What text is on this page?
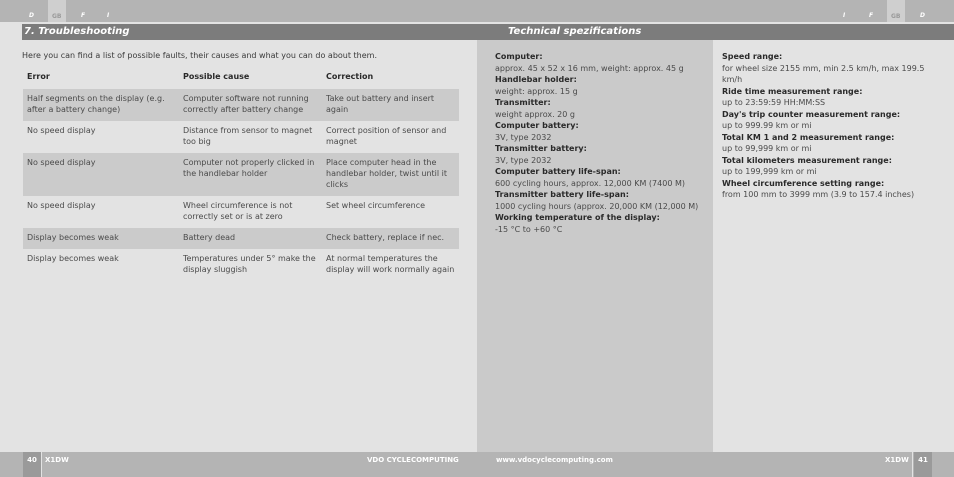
D	GB	F	I
7. Troubleshooting
Here you can find a list of possible faults, their causes and what you can do about them.
Error	Possible cause	Correction
Half segments on the display (e.g. after a battery change)	Computer software not running correctly after battery change	Take out battery and insert again
No speed display	Distance from sensor to magnet too big	Correct position of sensor and magnet
No speed display	Computer not properly clicked in the handlebar holder	Place computer head in the handlebar holder, twist until it clicks
No speed display	Wheel circumference is not correctly set or is at zero	Set wheel circumference
Display becomes weak	Battery dead	Check battery, replace if nec.
Display becomes weak	Temperatures under 5° make the display sluggish	At normal temperatures the display will work normally again
40	X1DW	VDO CYCLECOMPUTING
I	F	GB	D
Technical spezifications
Computer:
approx. 45 x 52 x 16 mm, weight: approx. 45 g
Handlebar holder:
weight: approx. 15 g
Transmitter:
weight approx. 20 g
Computer battery:
3V, type 2032
Transmitter battery:
3V, type 2032
Computer battery life-span:
600 cycling hours, approx. 12,000 KM (7400 M)
Transmitter battery life-span:
1000 cycling hours (approx. 20,000 KM (12,000 M)
Working temperature of the display:
-15 °C to +60 °C
Speed range:
for wheel size 2155 mm, min 2.5 km/h, max 199.5 km/h
Ride time measurement range:
up to 23:59:59 HH:MM:SS
Day's trip counter measurement range:
up to 999.99 km or mi
Total KM 1 and 2 measurement range:
up to 99,999 km or mi
Total kilometers measurement range:
up to 199,999 km or mi
Wheel circumference setting range:
from 100 mm to 3999 mm (3.9 to 157.4 inches)
www.vdocyclecomputing.com	X1DW	41
